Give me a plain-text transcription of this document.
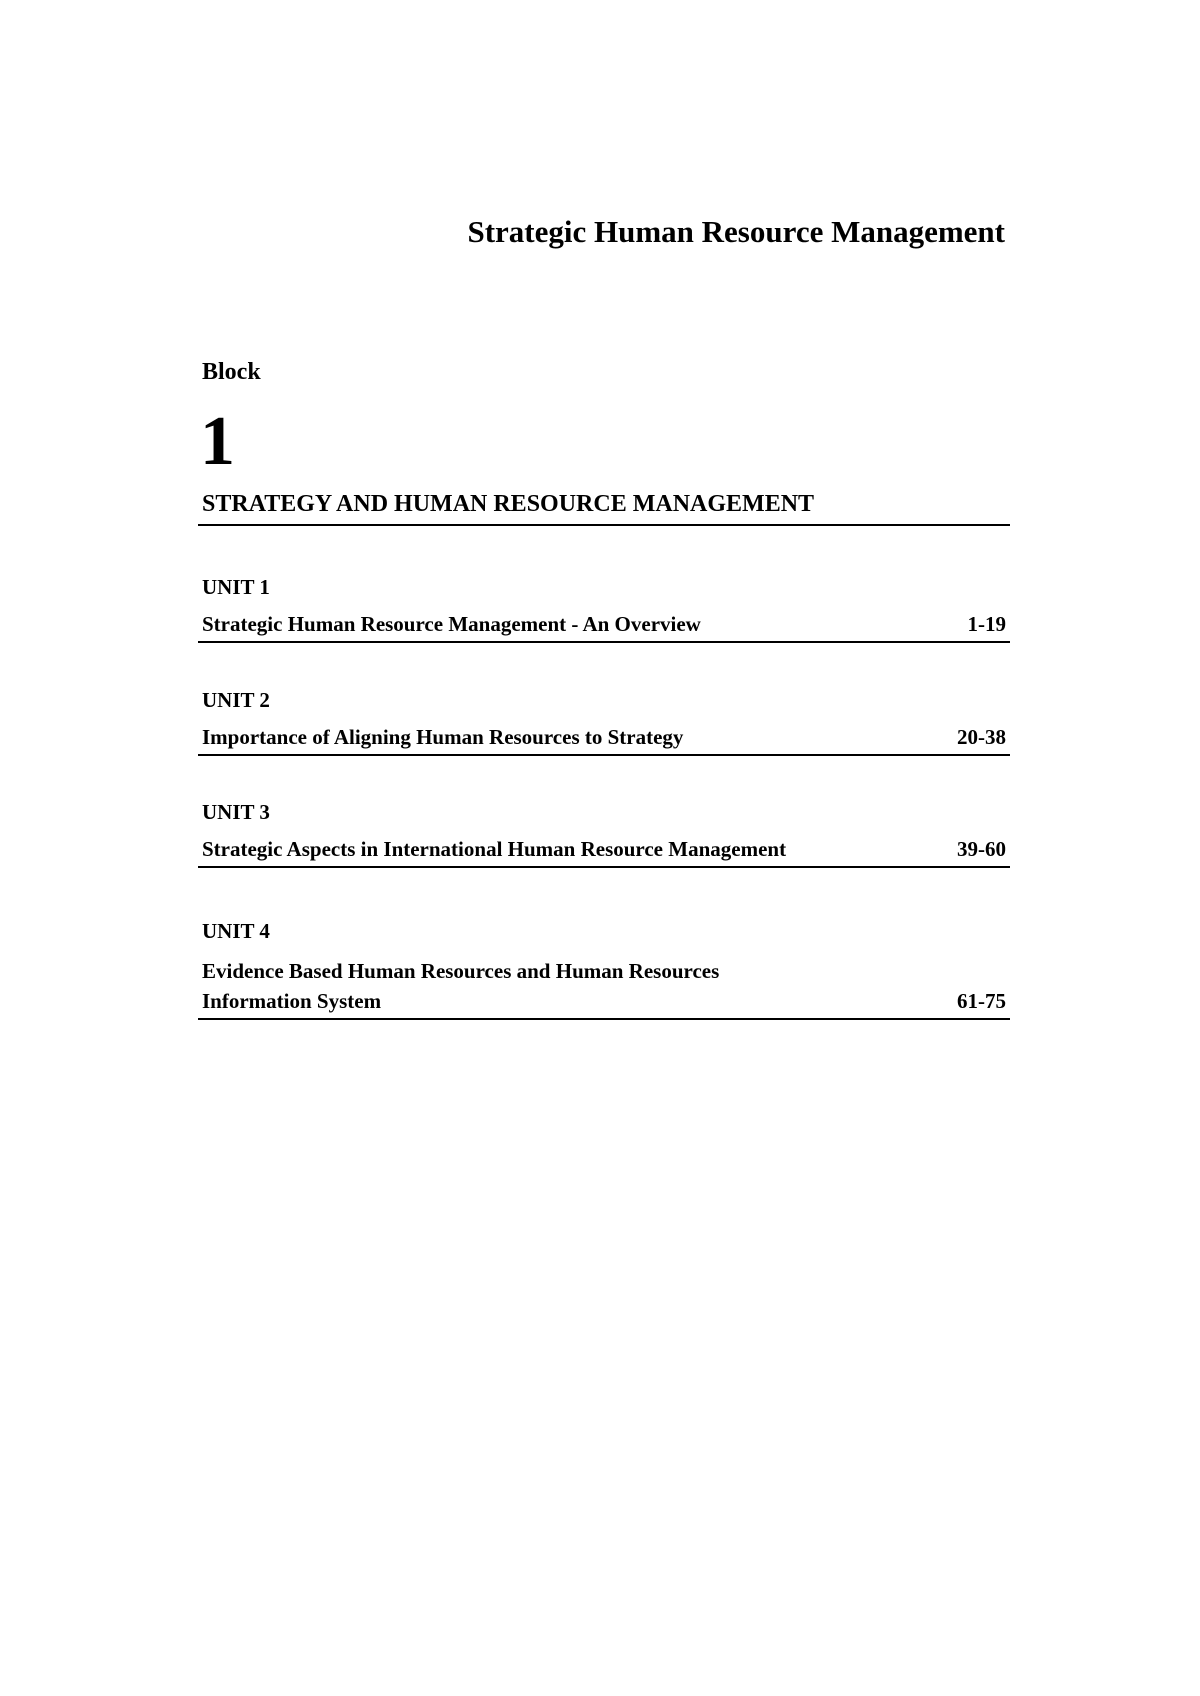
Strategic Human Resource Management
Block
1
STRATEGY AND HUMAN RESOURCE MANAGEMENT
UNIT 1
Strategic Human Resource Management - An Overview	1-19
UNIT 2
Importance of Aligning Human Resources to Strategy	20-38
UNIT 3
Strategic Aspects in International Human Resource Management	39-60
UNIT 4
Evidence Based Human Resources and Human Resources Information System	61-75
